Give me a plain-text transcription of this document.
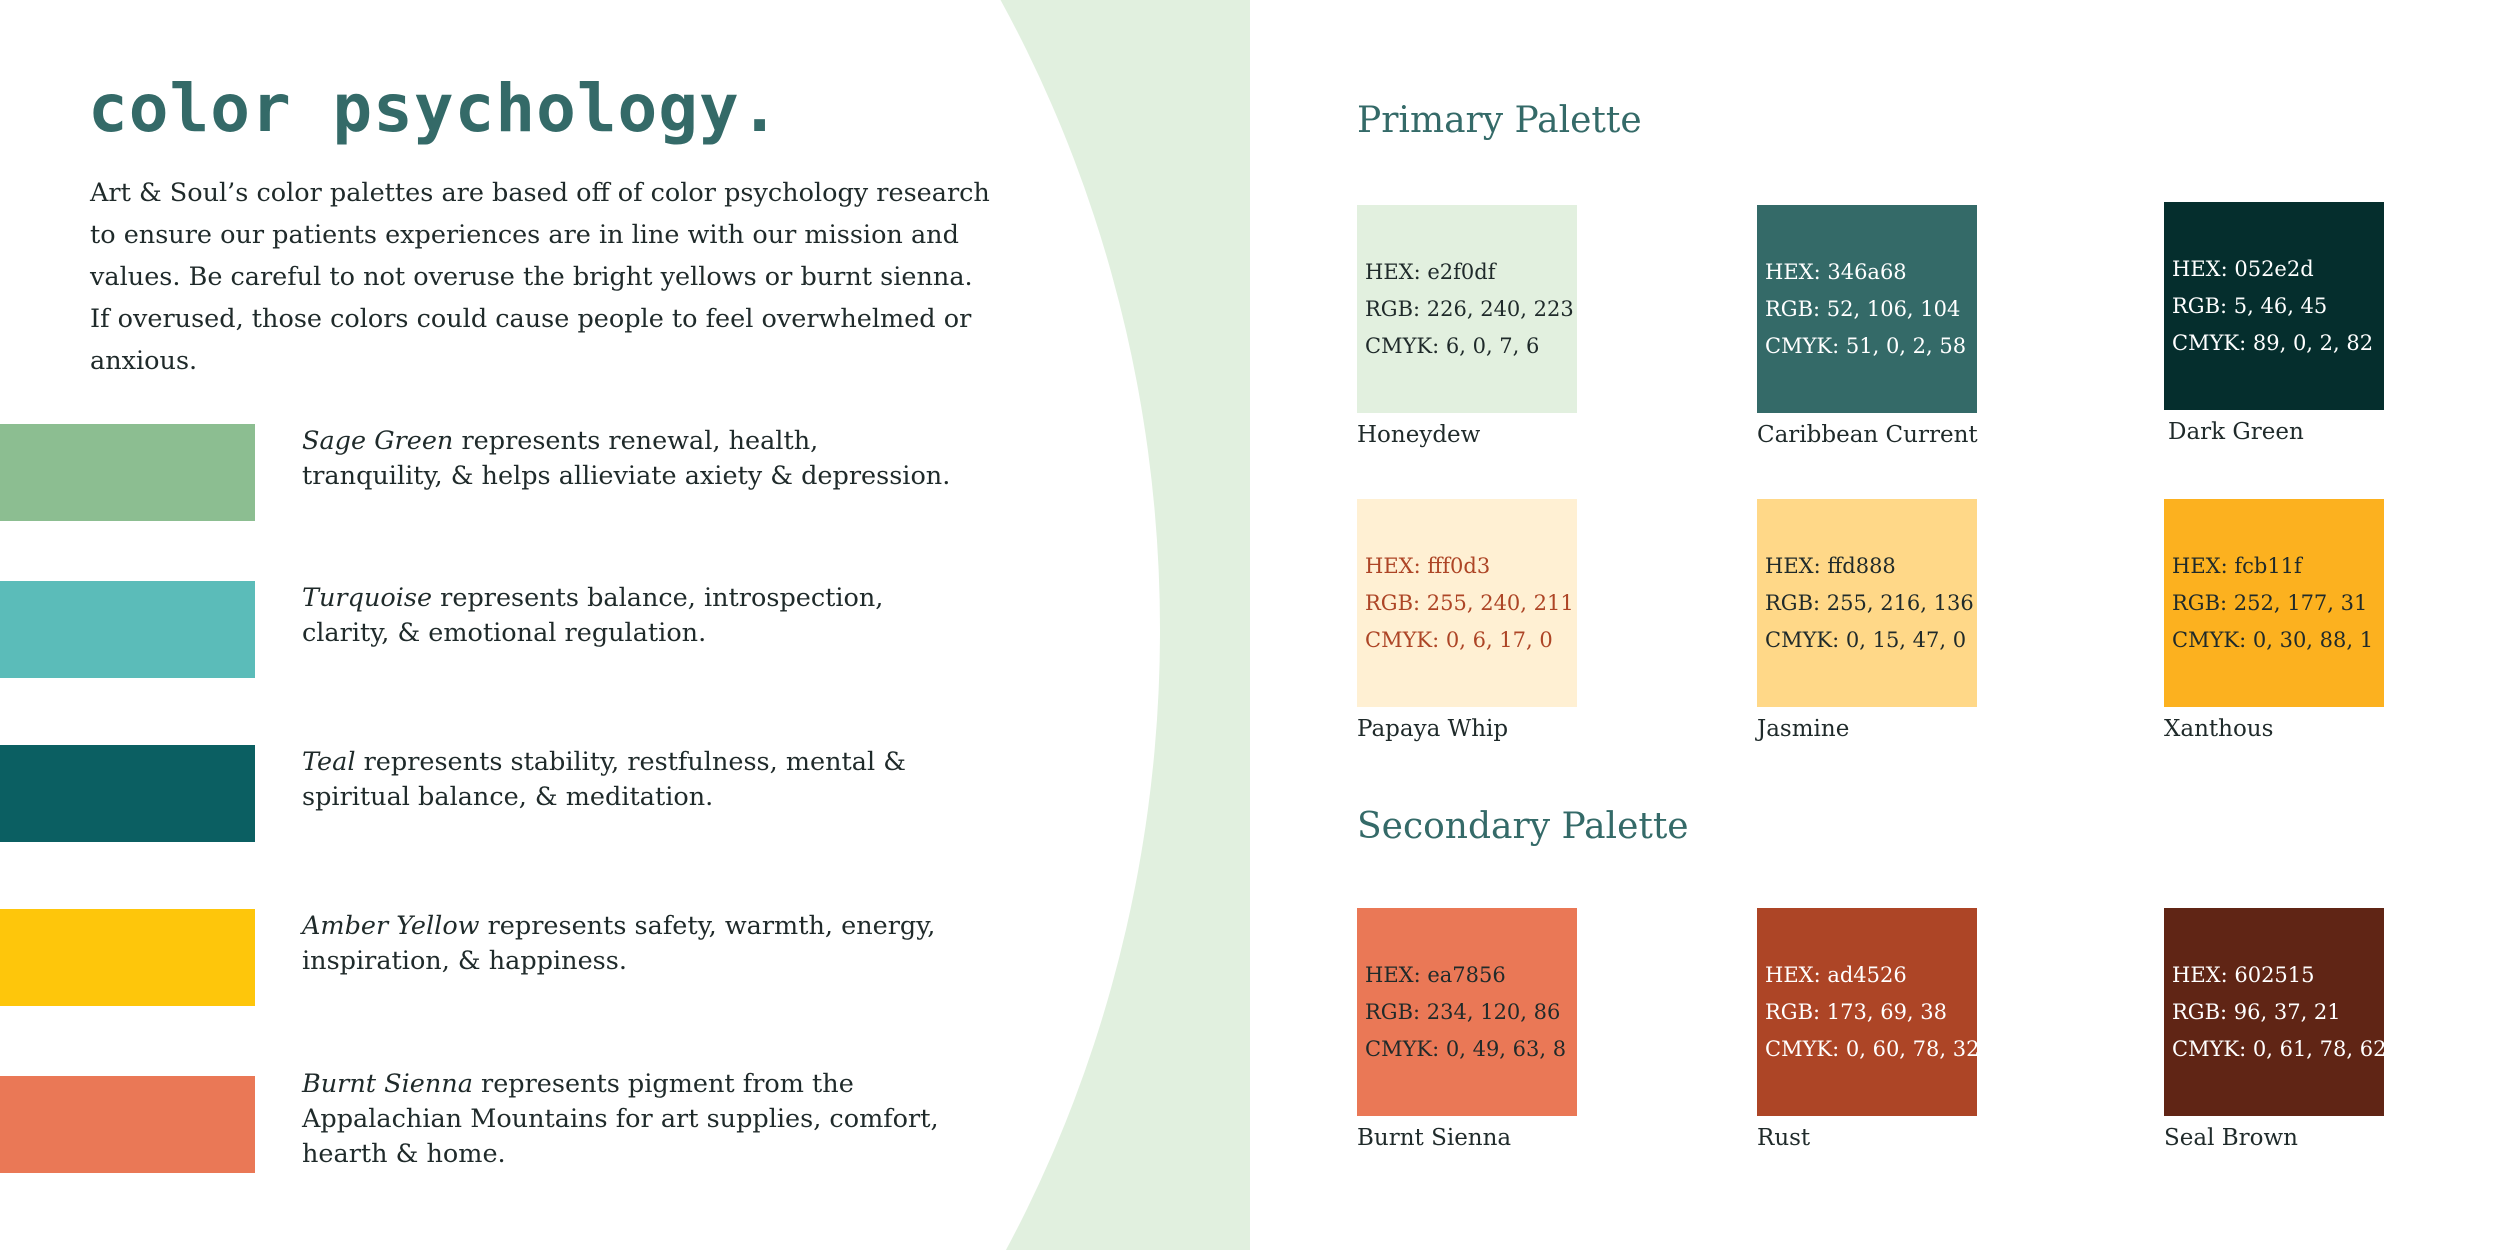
color psychology.

Art & Soul’s color palettes are based off of color psychology research to ensure our patients experiences are in line with our mission and values. Be careful to not overuse the bright yellows or burnt sienna. If overused, those colors could cause people to feel overwhelmed or anxious.

Sage Green represents renewal, health, tranquility, & helps allieviate axiety & depression.
Turquoise represents balance, introspection, clarity, & emotional regulation.
Teal represents stability, restfulness, mental & spiritual balance, & meditation.
Amber Yellow represents safety, warmth, energy, inspiration, & happiness.
Burnt Sienna represents pigment from the Appalachian Mountains for art supplies, comfort, hearth & home.
Primary Palette
HEX: e2f0df
RGB: 226, 240, 223
CMYK: 6, 0, 7, 6
Honeydew
HEX: 346a68
RGB: 52, 106, 104
CMYK: 51, 0, 2, 58
Caribbean Current
HEX: 052e2d
RGB: 5, 46, 45
CMYK: 89, 0, 2, 82
Dark Green
HEX: fff0d3
RGB: 255, 240, 211
CMYK: 0, 6, 17, 0
Papaya Whip
HEX: ffd888
RGB: 255, 216, 136
CMYK: 0, 15, 47, 0
Jasmine
HEX: fcb11f
RGB: 252, 177, 31
CMYK: 0, 30, 88, 1
Xanthous
Secondary Palette
HEX: ea7856
RGB: 234, 120, 86
CMYK: 0, 49, 63, 8
Burnt Sienna
HEX: ad4526
RGB: 173, 69, 38
CMYK: 0, 60, 78, 32
Rust
HEX: 602515
RGB: 96, 37, 21
CMYK: 0, 61, 78, 62
Seal Brown
